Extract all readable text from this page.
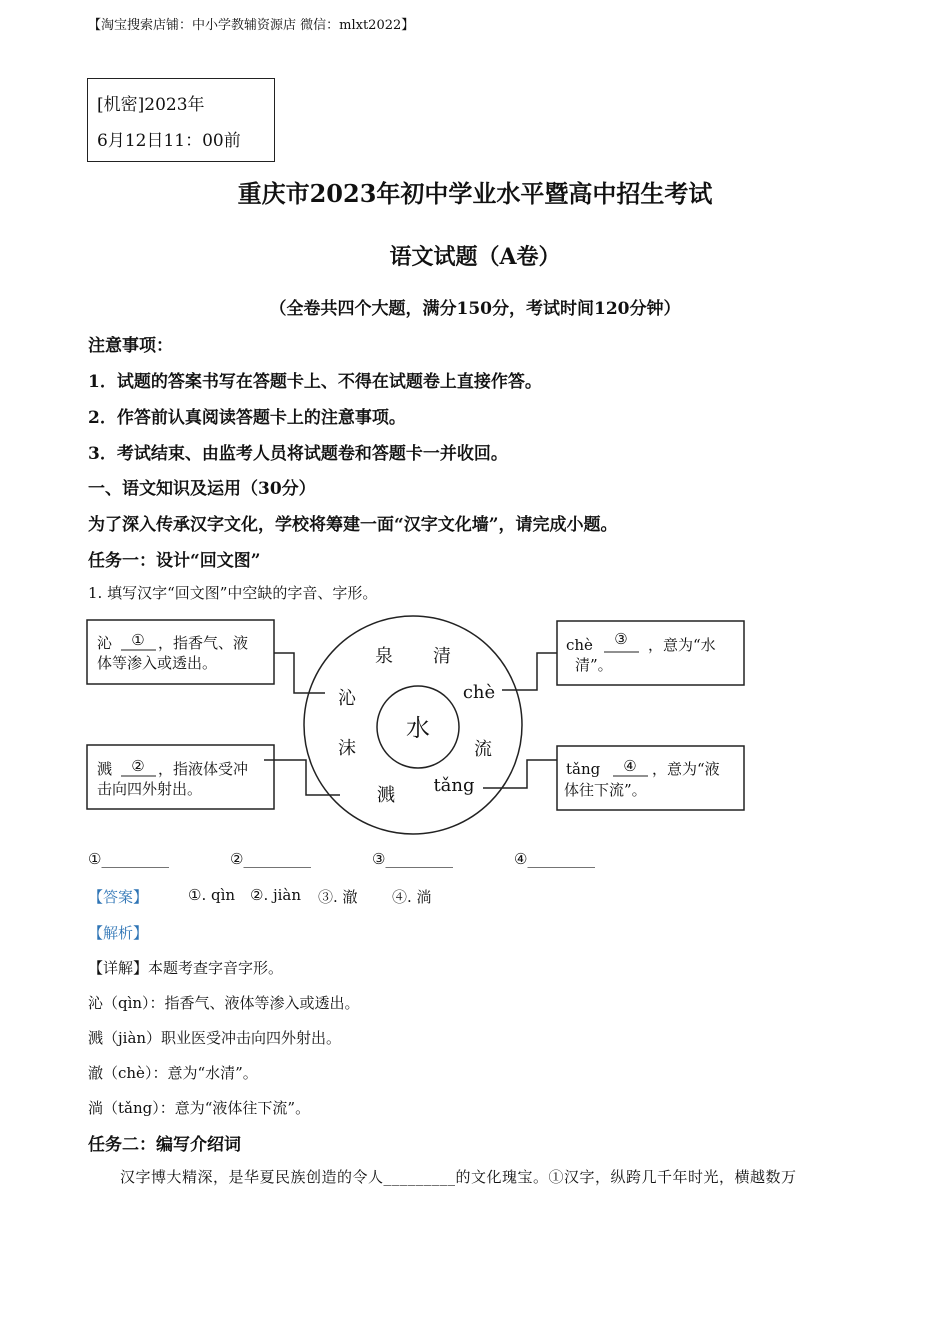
【淘宝搜索店铺：中小学教辅资源店 微信：mlxt2022】
[机密]2023年
6月12日11：00前
重庆市2023年初中学业水平暨高中招生考试
语文试题（A卷）
（全卷共四个大题，满分150分，考试时间120分钟）
注意事项：
1．试题的答案书写在答题卡上、不得在试题卷上直接作答。
2．作答前认真阅读答题卡上的注意事项。
3．考试结束、由监考人员将试题卷和答题卡一并收回。
一、语文知识及运用（30分）
为了深入传承汉字文化，学校将筹建一面“汉字文化墙”，请完成小题。
任务一：设计“回文图”
1. 填写汉字“回文图”中空缺的字音、字形。
水
泉 清
chè
流
tǎng
溅
沫
沁
沁 ① ，指香气、液
体等渗入或透出。
溅 ② ，指液体受冲
击向四外射出。
chè ③ ，意为“水
清”。
tǎng ④ ，意为“液
体往下流”。
①_________	②_________	③_________	④_________
【答案】	①. qìn ②. jiàn ③. 澈 ④. 淌
【解析】
【详解】本题考查字音字形。
沁（qìn）：指香气、液体等渗入或透出。
溅（jiàn）职业医受冲击向四外射出。
澈（chè）：意为“水清”。
淌（tǎng）：意为“液体往下流”。
任务二：编写介绍词
汉字博大精深，是华夏民族创造的令人_________的文化瑰宝。①汉字，纵跨几千年时光，横越数万
